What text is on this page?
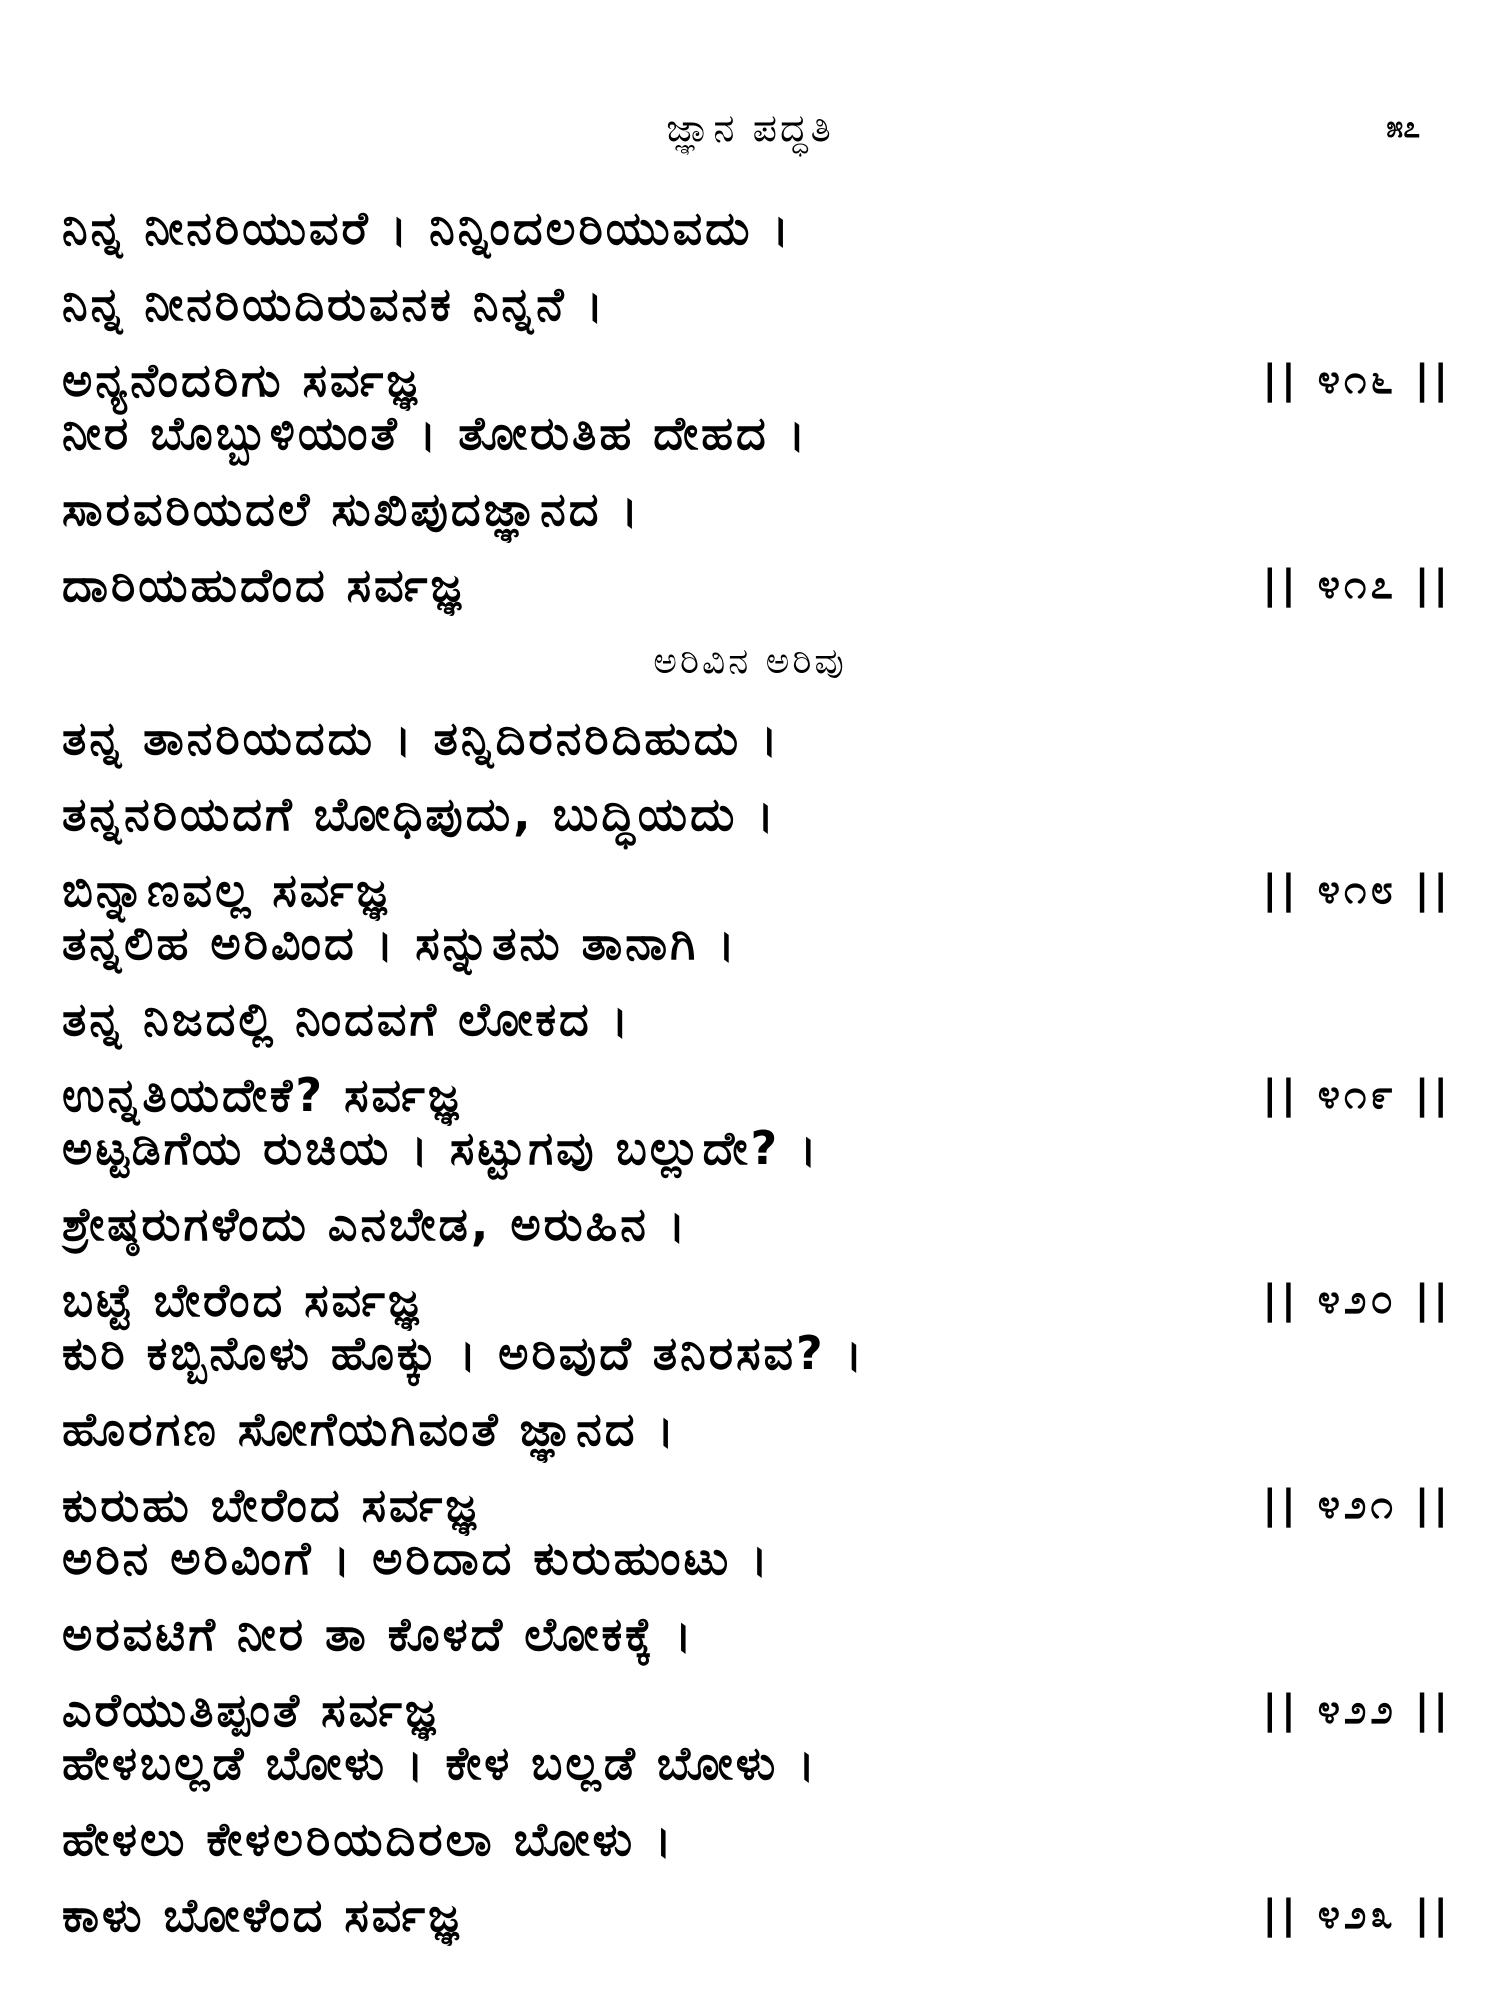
ಜ್ಞಾನ ಪದ್ಧತಿ	೫೭
ನಿನ್ನ ನೀನರಿಯುವರೆ । ನಿನ್ನಿಂದಲರಿಯುವದು ।
ನಿನ್ನ ನೀನರಿಯದಿರುವನಕ ನಿನ್ನನೆ ।
ಅನ್ಯನೆಂದರಿಗು ಸರ್ವಜ್ಞ	|| ೪೧೬ ||
ನೀರ ಬೊಬ್ಬುಳಿಯಂತೆ । ತೋರುತಿಹ ದೇಹದ ।
ಸಾರವರಿಯದಲೆ ಸುಖಿಪುದಜ್ಞಾನದ ।
ದಾರಿಯಹುದೆಂದ ಸರ್ವಜ್ಞ	|| ೪೧೭ ||
ಅರಿವಿನ ಅರಿವು
ತನ್ನ ತಾನರಿಯದದು । ತನ್ನಿದಿರನರಿದಿಹುದು ।
ತನ್ನನರಿಯದಗೆ ಬೋಧಿಪುದು, ಬುದ್ಧಿಯದು ।
ಬಿನ್ನಾಣವಲ್ಲ ಸರ್ವಜ್ಞ	|| ೪೧೮ ||
ತನ್ನಲಿಹ ಅರಿವಿಂದ । ಸನ್ನುತನು ತಾನಾಗಿ ।
ತನ್ನ ನಿಜದಲ್ಲಿ ನಿಂದವಗೆ ಲೋಕದ ।
ಉನ್ನತಿಯದೇಕೆ? ಸರ್ವಜ್ಞ	|| ೪೧೯ ||
ಅಟ್ಟಡಿಗೆಯ ರುಚಿಯ । ಸಟ್ಟುಗವು ಬಲ್ಲುದೇ? ।
ಶ್ರೇಷ್ಠರುಗಳೆಂದು ಎನಬೇಡ, ಅರುಹಿನ ।
ಬಟ್ಟೆ ಬೇರೆಂದ ಸರ್ವಜ್ಞ	|| ೪೨೦ ||
ಕುರಿ ಕಬ್ಬಿನೊಳು ಹೊಕ್ಕು । ಅರಿವುದೆ ತನಿರಸವ? ।
ಹೊರಗಣ ಸೋಗೆಯಗಿವಂತೆ ಜ್ಞಾನದ ।
ಕುರುಹು ಬೇರೆಂದ ಸರ್ವಜ್ಞ	|| ೪೨೧ ||
ಅರಿನ ಅರಿವಿಂಗೆ । ಅರಿದಾದ ಕುರುಹುಂಟು ।
ಅರವಟಿಗೆ ನೀರ ತಾ ಕೊಳದೆ ಲೋಕಕ್ಕೆ ।
ಎರೆಯುತಿಪ್ಪಂತೆ ಸರ್ವಜ್ಞ	|| ೪೨೨ ||
ಹೇಳಬಲ್ಲಡೆ ಬೋಳು । ಕೇಳ ಬಲ್ಲಡೆ ಬೋಳು ।
ಹೇಳಲು ಕೇಳಲರಿಯದಿರಲಾ ಬೋಳು ।
ಕಾಳು ಬೋಳೆಂದ ಸರ್ವಜ್ಞ	|| ೪೨೩ ||
